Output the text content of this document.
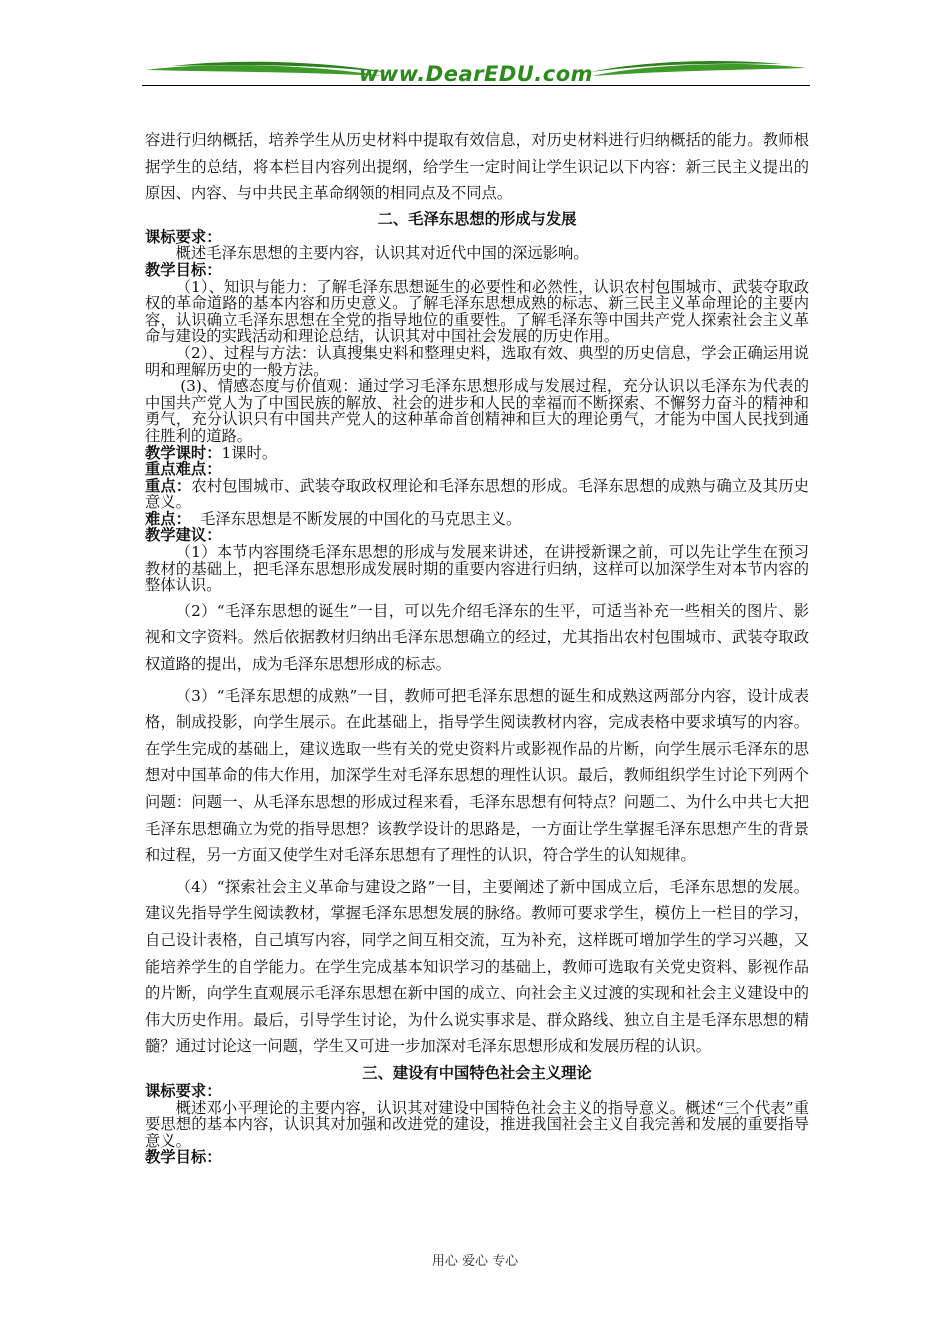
www.DearEDU.com

容进行归纳概括，培养学生从历史材料中提取有效信息，对历史材料进行归纳概括的能力。教师根据学生的总结，将本栏目内容列出提纲，给学生一定时间让学生识记以下内容：新三民主义提出的原因、内容、与中共民主革命纲领的相同点及不同点。

二、毛泽东思想的形成与发展

课标要求：

概述毛泽东思想的主要内容，认识其对近代中国的深远影响。

教学目标：

（1）、知识与能力：了解毛泽东思想诞生的必要性和必然性，认识农村包围城市、武装夺取政权的革命道路的基本内容和历史意义。了解毛泽东思想成熟的标志、新三民主义革命理论的主要内容，认识确立毛泽东思想在全党的指导地位的重要性。了解毛泽东等中国共产党人探索社会主义革命与建设的实践活动和理论总结，认识其对中国社会发展的历史作用。

（2）、过程与方法：认真搜集史料和整理史料，选取有效、典型的历史信息，学会正确运用说明和理解历史的一般方法。

(3)、情感态度与价值观：通过学习毛泽东思想形成与发展过程，充分认识以毛泽东为代表的中国共产党人为了中国民族的解放、社会的进步和人民的幸福而不断探索、不懈努力奋斗的精神和勇气，充分认识只有中国共产党人的这种革命首创精神和巨大的理论勇气，才能为中国人民找到通往胜利的道路。

教学课时：1课时。

重点难点：

重点：农村包围城市、武装夺取政权理论和毛泽东思想的形成。毛泽东思想的成熟与确立及其历史意义。

难点： 毛泽东思想是不断发展的中国化的马克思主义。

教学建议：

（1）本节内容围绕毛泽东思想的形成与发展来讲述，在讲授新课之前，可以先让学生在预习教材的基础上，把毛泽东思想形成发展时期的重要内容进行归纳，这样可以加深学生对本节内容的整体认识。

（2）“毛泽东思想的诞生”一目，可以先介绍毛泽东的生平，可适当补充一些相关的图片、影视和文字资料。然后依据教材归纳出毛泽东思想确立的经过，尤其指出农村包围城市、武装夺取政权道路的提出，成为毛泽东思想形成的标志。

（3）“毛泽东思想的成熟”一目，教师可把毛泽东思想的诞生和成熟这两部分内容，设计成表格，制成投影，向学生展示。在此基础上，指导学生阅读教材内容，完成表格中要求填写的内容。在学生完成的基础上，建议选取一些有关的党史资料片或影视作品的片断，向学生展示毛泽东的思想对中国革命的伟大作用，加深学生对毛泽东思想的理性认识。最后，教师组织学生讨论下列两个问题：问题一、从毛泽东思想的形成过程来看，毛泽东思想有何特点？问题二、为什么中共七大把毛泽东思想确立为党的指导思想？该教学设计的思路是，一方面让学生掌握毛泽东思想产生的背景和过程，另一方面又使学生对毛泽东思想有了理性的认识，符合学生的认知规律。

（4）“探索社会主义革命与建设之路”一目，主要阐述了新中国成立后，毛泽东思想的发展。建议先指导学生阅读教材，掌握毛泽东思想发展的脉络。教师可要求学生，模仿上一栏目的学习，自己设计表格，自己填写内容，同学之间互相交流，互为补充，这样既可增加学生的学习兴趣，又能培养学生的自学能力。在学生完成基本知识学习的基础上，教师可选取有关党史资料、影视作品的片断，向学生直观展示毛泽东思想在新中国的成立、向社会主义过渡的实现和社会主义建设中的伟大历史作用。最后，引导学生讨论，为什么说实事求是、群众路线、独立自主是毛泽东思想的精髓？通过讨论这一问题，学生又可进一步加深对毛泽东思想形成和发展历程的认识。

三、建设有中国特色社会主义理论

课标要求：

概述邓小平理论的主要内容，认识其对建设中国特色社会主义的指导意义。概述“三个代表”重要思想的基本内容，认识其对加强和改进党的建设，推进我国社会主义自我完善和发展的重要指导意义。

教学目标：

用心 爱心 专心
